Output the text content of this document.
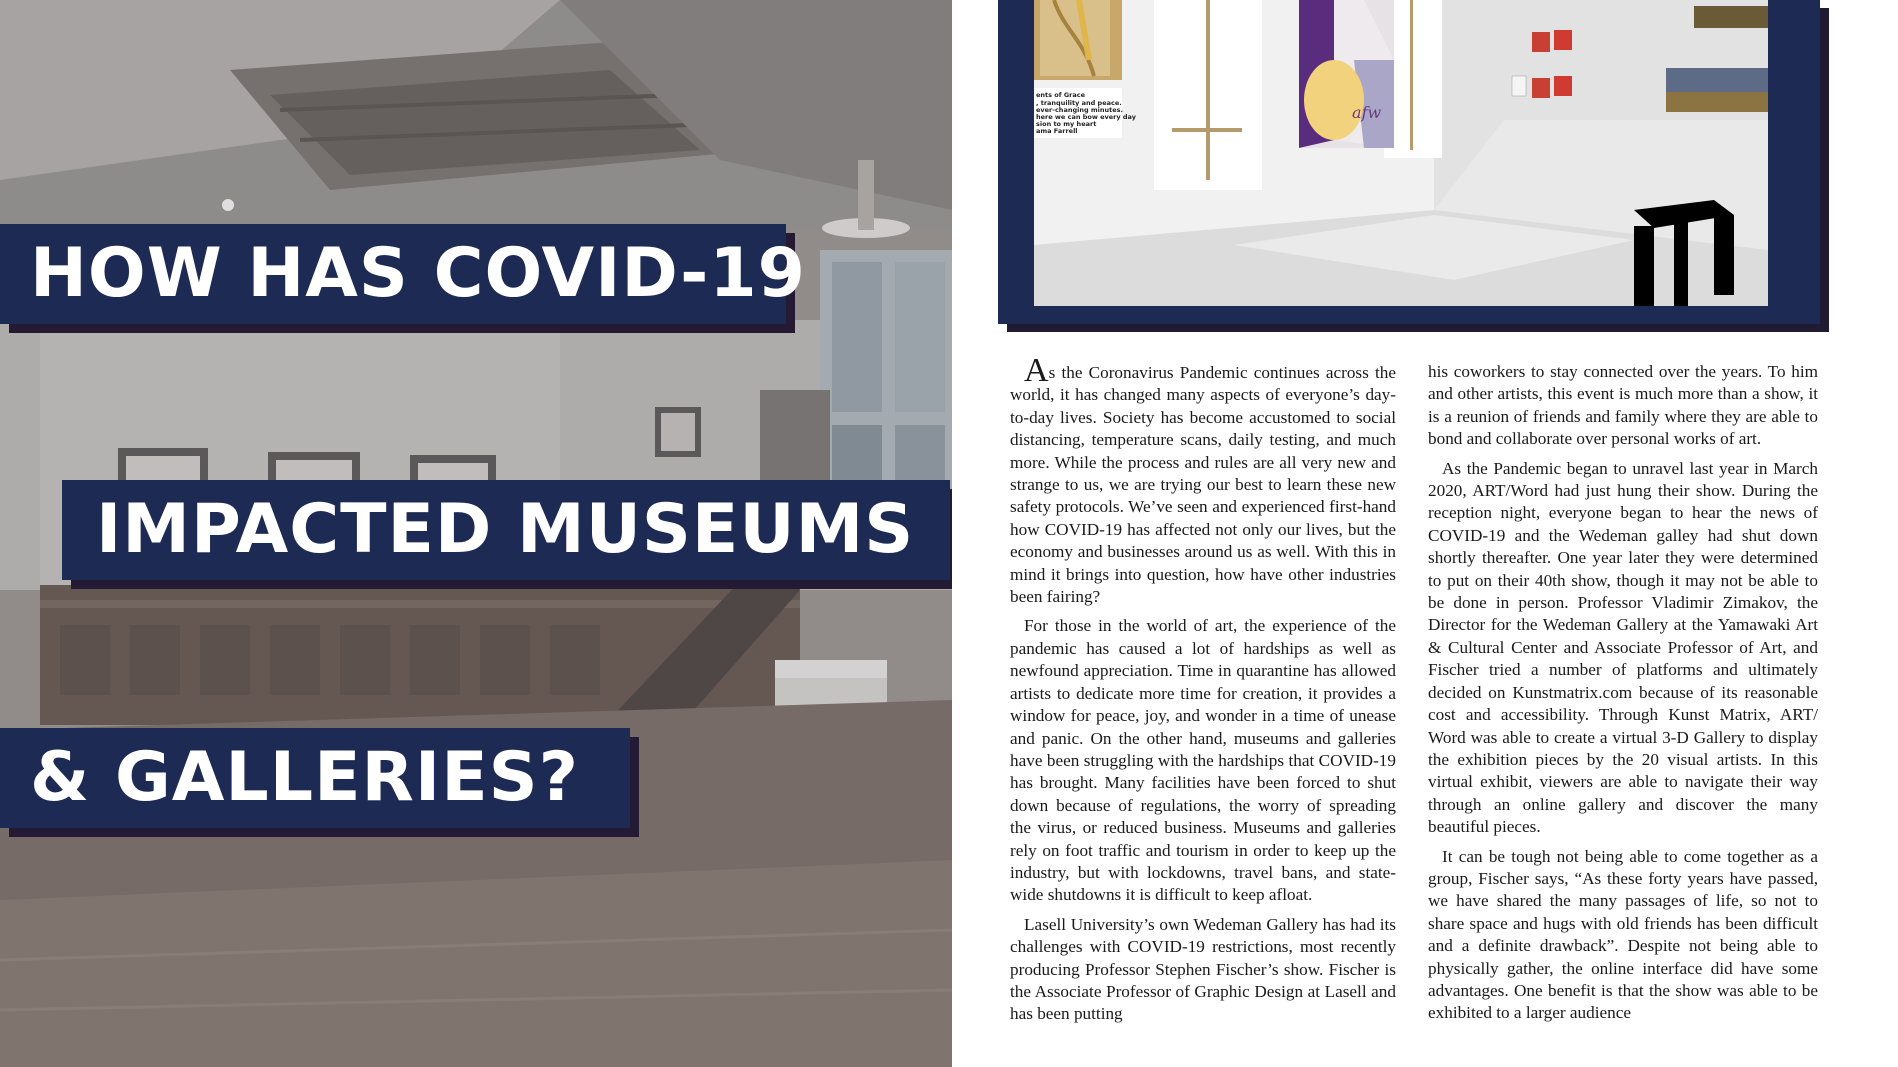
HOW HAS COVID-19
IMPACTED MUSEUMS
& GALLERIES?
ents of Grace
, tranquility and peace.
ever-changing minutes.
here we can bow every day
sion to my heart
ama Farrell
afw

As the Coronavirus Pandemic continues across the world, it has changed many aspects of everyone’s day-to-day lives. Society has become accustomed to social distancing, temperature scans, daily testing, and much more. While the process and rules are all very new and strange to us, we are trying our best to learn these new safety protocols. We’ve seen and experienced first-hand how COVID-19 has affected not only our lives, but the economy and businesses around us as well. With this in mind it brings into question, how have other industries been fairing?

For those in the world of art, the experience of the pandemic has caused a lot of hardships as well as newfound appreciation. Time in quarantine has allowed artists to dedicate more time for creation, it provides a window for peace, joy, and wonder in a time of unease and panic. On the other hand, museums and galleries have been struggling with the hardships that COVID-19 has brought. Many facilities have been forced to shut down because of regulations, the worry of spreading the virus, or reduced business. Museums and galleries rely on foot traffic and tourism in order to keep up the industry, but with lockdowns, travel bans, and state-wide shutdowns it is difficult to keep afloat.

Lasell University’s own Wedeman Gallery has had its challenges with COVID-19 restrictions, most recently producing Professor Stephen Fischer’s show. Fischer is the Associate Professor of Graphic Design at Lasell and has been putting

his coworkers to stay connected over the years. To him and other artists, this event is much more than a show, it is a reunion of friends and family where they are able to bond and collaborate over personal works of art.

As the Pandemic began to unravel last year in March 2020, ART/Word had just hung their show. During the reception night, everyone began to hear the news of COVID-19 and the Wedeman galley had shut down shortly thereafter. One year later they were determined to put on their 40th show, though it may not be able to be done in person. Professor Vladimir Zimakov, the Director for the Wedeman Gallery at the Yamawaki Art & Cultural Center and Associate Professor of Art, and Fischer tried a number of platforms and ultimately decided on Kunstmatrix.com because of its reasonable cost and accessibility. Through Kunst Matrix, ART/ Word was able to create a virtual 3-D Gallery to display the exhibition pieces by the 20 visual artists. In this virtual exhibit, viewers are able to navigate their way through an online gallery and discover the many beautiful pieces.

It can be tough not being able to come together as a group, Fischer says, “As these forty years have passed, we have shared the many passages of life, so not to share space and hugs with old friends has been difficult and a definite drawback”. Despite not being able to physically gather, the online interface did have some advantages. One benefit is that the show was able to be exhibited to a larger audience
